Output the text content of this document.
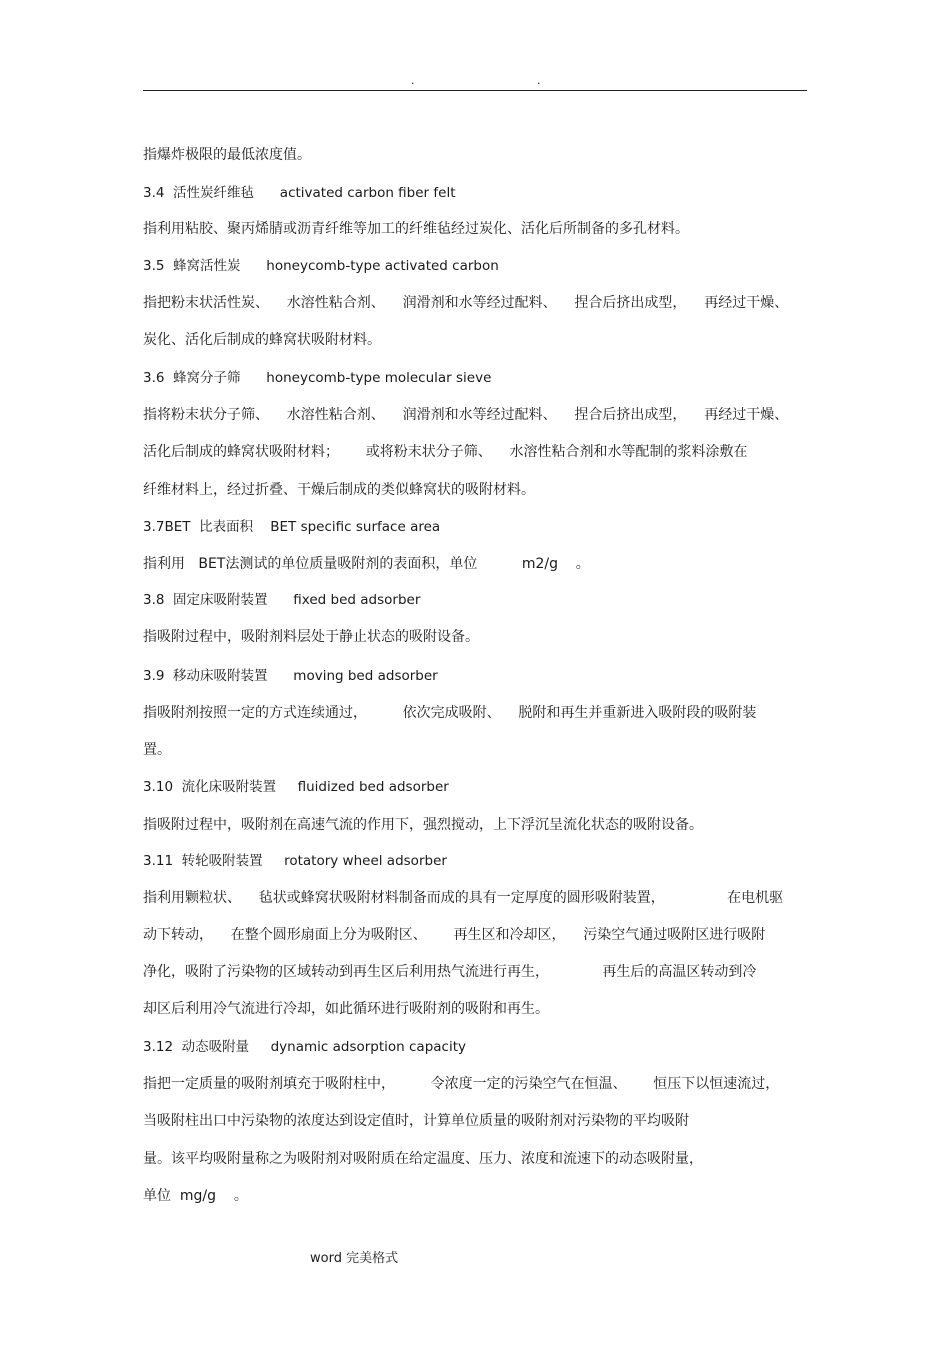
.	.
指爆炸极限的最低浓度值。
3.4  活性炭纤维毡      activated carbon fiber felt
指利用粘胶、聚丙烯腈或沥青纤维等加工的纤维毡经过炭化、活化后所制备的多孔材料。
3.5  蜂窝活性炭      honeycomb-type activated carbon
指把粉末状活性炭、    水溶性粘合剂、    润滑剂和水等经过配料、    捏合后挤出成型，    再经过干燥、
炭化、活化后制成的蜂窝状吸附材料。
3.6  蜂窝分子筛      honeycomb-type molecular sieve
指将粉末状分子筛、    水溶性粘合剂、    润滑剂和水等经过配料、    捏合后挤出成型，    再经过干燥、
活化后制成的蜂窝状吸附材料；      或将粉末状分子筛、    水溶性粘合剂和水等配制的浆料涂敷在
纤维材料上，经过折叠、干燥后制成的类似蜂窝状的吸附材料。
3.7BET  比表面积    BET specific surface area
指利用   BET法测试的单位质量吸附剂的表面积，单位          m2/g    。
3.8  固定床吸附装置      fixed bed adsorber
指吸附过程中，吸附剂料层处于静止状态的吸附设备。
3.9  移动床吸附装置      moving bed adsorber
指吸附剂按照一定的方式连续通过，        依次完成吸附、    脱附和再生并重新进入吸附段的吸附装
置。
3.10  流化床吸附装置     fluidized bed adsorber
指吸附过程中，吸附剂在高速气流的作用下，强烈搅动，上下浮沉呈流化状态的吸附设备。
3.11  转轮吸附装置     rotatory wheel adsorber
指利用颗粒状、    毡状或蜂窝状吸附材料制备而成的具有一定厚度的圆形吸附装置，              在电机驱
动下转动，    在整个圆形扇面上分为吸附区、      再生区和冷却区，    污染空气通过吸附区进行吸附
净化，吸附了污染物的区域转动到再生区后利用热气流进行再生，            再生后的高温区转动到冷
却区后利用冷气流进行冷却，如此循环进行吸附剂的吸附和再生。
3.12  动态吸附量     dynamic adsorption capacity
指把一定质量的吸附剂填充于吸附柱中，        令浓度一定的污染空气在恒温、      恒压下以恒速流过，
当吸附柱出口中污染物的浓度达到设定值时，计算单位质量的吸附剂对污染物的平均吸附
量。该平均吸附量称之为吸附剂对吸附质在给定温度、压力、浓度和流速下的动态吸附量，
单位  mg/g    。
word 完美格式
